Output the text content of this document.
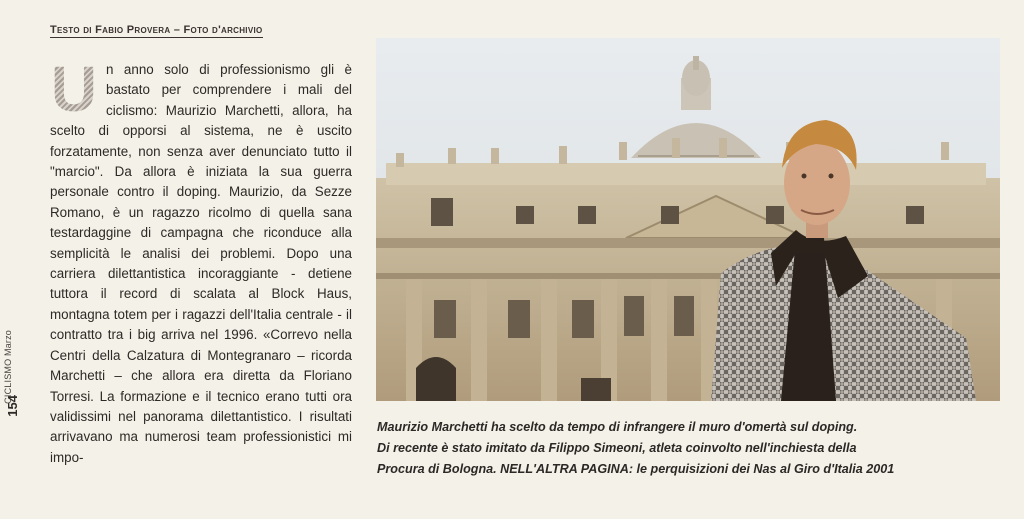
Testo di Fabio Provera – Foto d'archivio
CICLISMO Marzo
154
U n anno solo di professionismo gli è bastato per comprendere i mali del ciclismo: Maurizio Marchetti, allora, ha scelto di opporsi al sistema, ne è uscito forzatamente, non senza aver denunciato tutto il "marcio". Da allora è iniziata la sua guerra personale contro il doping. Maurizio, da Sezze Romano, è un ragazzo ricolmo di quella sana testardaggine di campagna che riconduce alla semplicità le analisi dei problemi. Dopo una carriera dilettantistica incoraggiante - detiene tuttora il record di scalata al Block Haus, montagna totem per i ragazzi dell'Italia centrale - il contratto tra i big arriva nel 1996. «Correvo nella Centri della Calzatura di Montegranaro – ricorda Marchetti – che allora era diretta da Floriano Torresi. La formazione e il tecnico erano tutti ora validissimi nel panorama dilettantistico. I risultati arrivavano ma numerosi team professionistici mi impo-

Maurizio Marchetti ha scelto da tempo di infrangere il muro d'omertà sul doping.

Di recente è stato imitato da Filippo Simeoni, atleta coinvolto nell'inchiesta della

Procura di Bologna. NELL'ALTRA PAGINA: le perquisizioni dei Nas al Giro d'Italia 2001
